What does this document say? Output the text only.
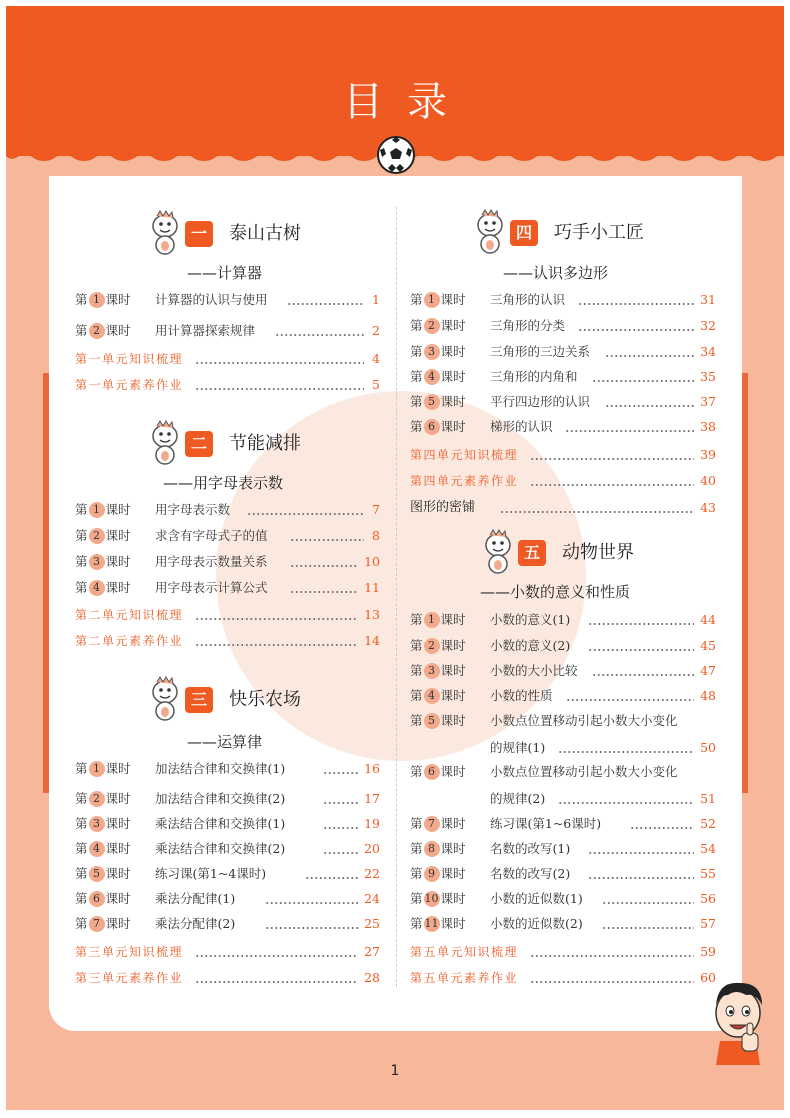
目录
一	泰山古树
——计算器
第 1 课时 计算器的认识与使用	1
第 2 课时 用计算器探索规律	2
第一单元知识梳理	4
第一单元素养作业	5
二	节能减排
——用字母表示数
第 1 课时 用字母表示数	7
第 2 课时 求含有字母式子的值	8
第 3 课时 用字母表示数量关系	10
第 4 课时 用字母表示计算公式	11
第二单元知识梳理	13
第二单元素养作业	14
三	快乐农场
——运算律
第 1 课时 加法结合律和交换律(1)	16
第 2 课时 加法结合律和交换律(2)	17
第 3 课时 乘法结合律和交换律(1)	19
第 4 课时 乘法结合律和交换律(2)	20
第 5 课时 练习课(第1~4课时)	22
第 6 课时 乘法分配律(1)	24
第 7 课时 乘法分配律(2)	25
第三单元知识梳理	27
第三单元素养作业	28
四	巧手小工匠
——认识多边形
第 1 课时 三角形的认识	31
第 2 课时 三角形的分类	32
第 3 课时 三角形的三边关系	34
第 4 课时 三角形的内角和	35
第 5 课时 平行四边形的认识	37
第 6 课时 梯形的认识	38
第四单元知识梳理	39
第四单元素养作业	40
图形的密铺	43
五	动物世界
——小数的意义和性质
第 1 课时 小数的意义(1)	44
第 2 课时 小数的意义(2)	45
第 3 课时 小数的大小比较	47
第 4 课时 小数的性质	48
第 5 课时 小数点位置移动引起小数大小变化
的规律(1)	50
第 6 课时 小数点位置移动引起小数大小变化
的规律(2)	51
第 7 课时 练习课(第1~6课时)	52
第 8 课时 名数的改写(1)	54
第 9 课时 名数的改写(2)	55
第 10 课时 小数的近似数(1)	56
第 11 课时 小数的近似数(2)	57
第五单元知识梳理	59
第五单元素养作业	60
1
